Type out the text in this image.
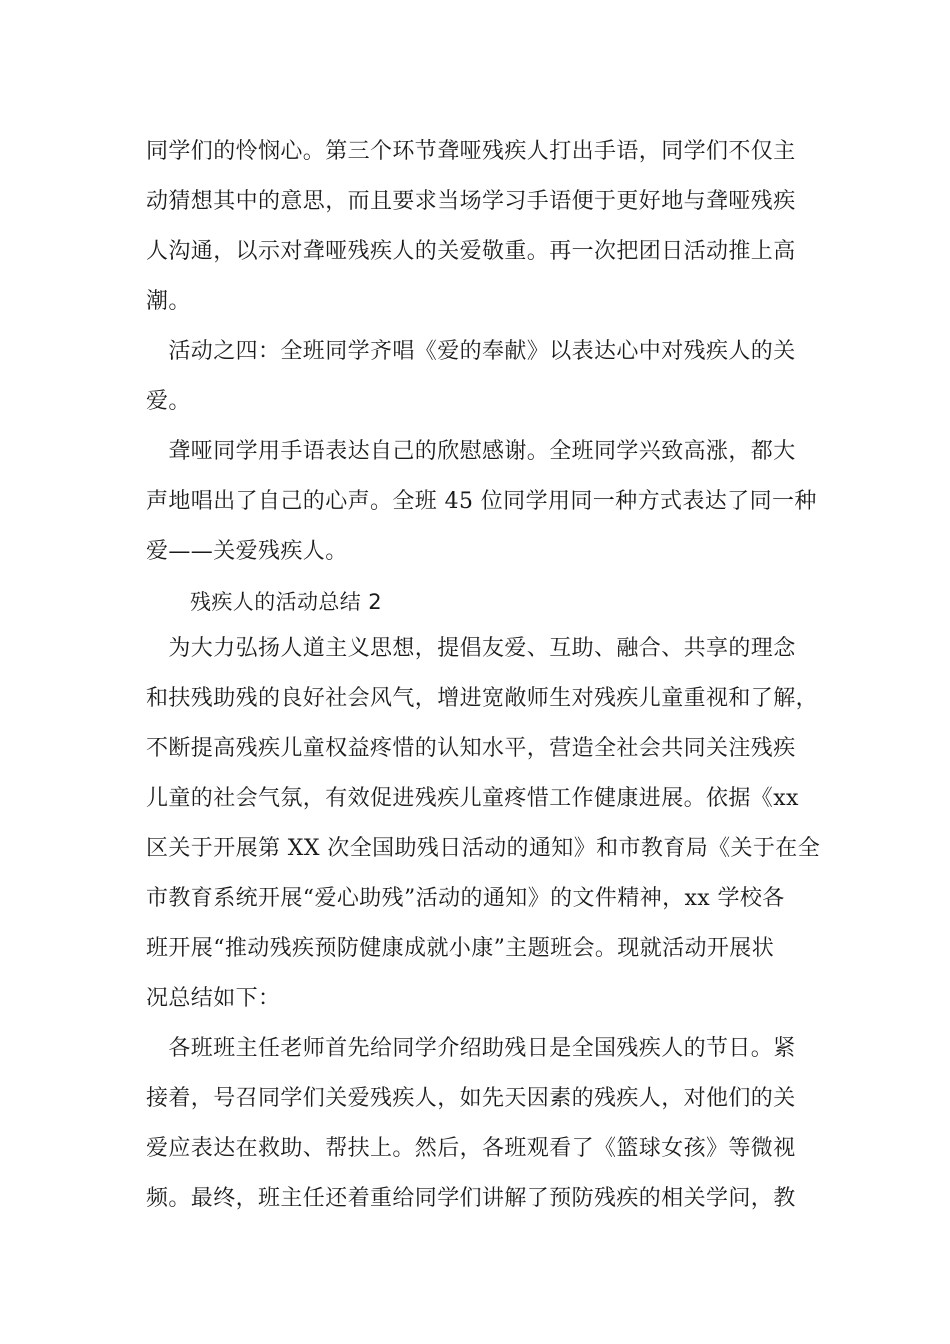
同学们的怜悯心。第三个环节聋哑残疾人打出手语，同学们不仅主
动猜想其中的意思，而且要求当场学习手语便于更好地与聋哑残疾
人沟通，以示对聋哑残疾人的关爱敬重。再一次把团日活动推上高
潮。
　活动之四：全班同学齐唱《爱的奉献》以表达心中对残疾人的关
爱。
　聋哑同学用手语表达自己的欣慰感谢。全班同学兴致高涨，都大
声地唱出了自己的心声。全班 45 位同学用同一种方式表达了同一种
爱——关爱残疾人。
残疾人的活动总结 2
　为大力弘扬人道主义思想，提倡友爱、互助、融合、共享的理念
和扶残助残的良好社会风气，增进宽敞师生对残疾儿童重视和了解，
不断提高残疾儿童权益疼惜的认知水平，营造全社会共同关注残疾
儿童的社会气氛，有效促进残疾儿童疼惜工作健康进展。依据《xx
区关于开展第 XX 次全国助残日活动的通知》和市教育局《关于在全
市教育系统开展“爱心助残”活动的通知》的文件精神，xx 学校各
班开展“推动残疾预防健康成就小康”主题班会。现就活动开展状
况总结如下：
　各班班主任老师首先给同学介绍助残日是全国残疾人的节日。紧
接着，号召同学们关爱残疾人，如先天因素的残疾人，对他们的关
爱应表达在救助、帮扶上。然后，各班观看了《篮球女孩》等微视
频。最终，班主任还着重给同学们讲解了预防残疾的相关学问，教
